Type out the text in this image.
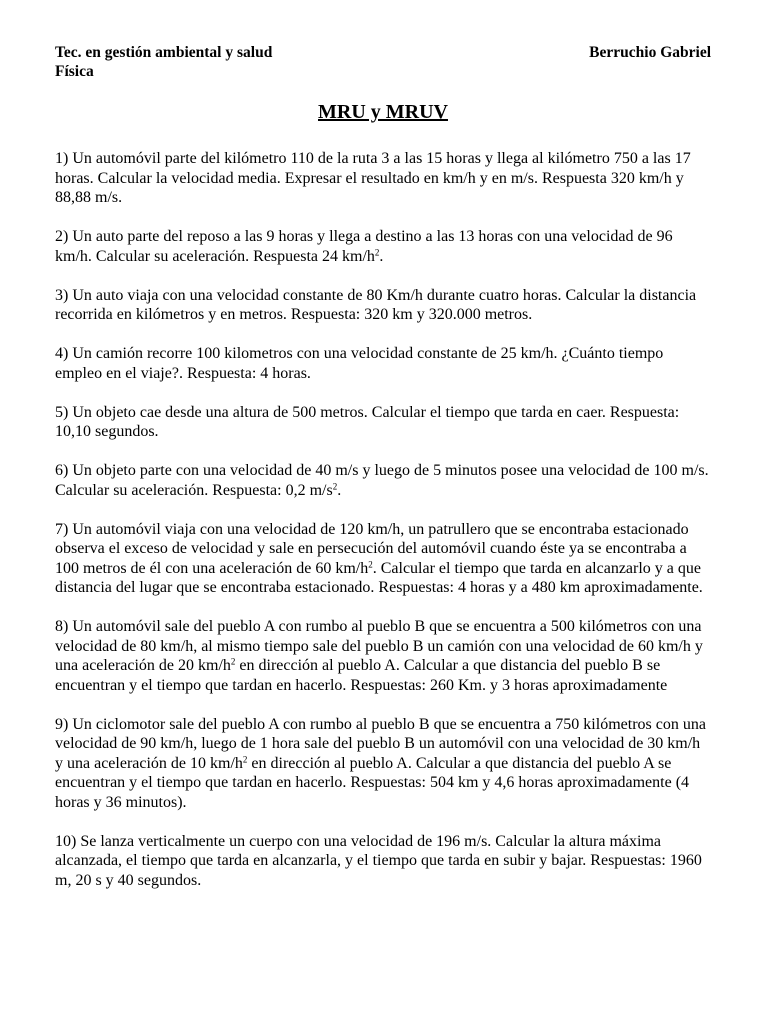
Tec. en gestión ambiental y salud	Berruchio Gabriel
Física
MRU y MRUV

1) Un automóvil parte del kilómetro 110 de la ruta 3 a las 15 horas y llega al kilómetro 750 a las 17 horas. Calcular la velocidad media. Expresar el resultado en km/h y en m/s. Respuesta 320 km/h y 88,88 m/s.

2) Un auto parte del reposo a las 9 horas y llega a destino a las 13 horas con una velocidad de 96 km/h. Calcular su aceleración. Respuesta 24 $km/h^2$.

3) Un auto viaja con una velocidad constante de 80 Km/h durante cuatro horas. Calcular la distancia recorrida en kilómetros y en metros. Respuesta: 320 km y 320.000 metros.

4) Un camión recorre 100 kilometros con una velocidad constante de 25 km/h. ¿Cuánto tiempo empleo en el viaje?. Respuesta: 4 horas.

5) Un objeto cae desde una altura de 500 metros. Calcular el tiempo que tarda en caer. Respuesta: 10,10 segundos.

6) Un objeto parte con una velocidad de 40 m/s y luego de 5 minutos posee una velocidad de 100 m/s. Calcular su aceleración. Respuesta: 0,2 $m/s^2$.

7) Un automóvil viaja con una velocidad de 120 km/h, un patrullero que se encontraba estacionado observa el exceso de velocidad y sale en persecución del automóvil cuando éste ya se encontraba a 100 metros de él con una aceleración de 60 $km/h^2$. Calcular el tiempo que tarda en alcanzarlo y a que distancia del lugar que se encontraba estacionado. Respuestas: 4 horas y a 480 km aproximadamente.

8) Un automóvil sale del pueblo A con rumbo al pueblo B que se encuentra a 500 kilómetros con una velocidad de 80 km/h, al mismo tiempo sale del pueblo B un camión con una velocidad de 60 km/h y una aceleración de 20 $km/h^2$ en dirección al pueblo A. Calcular a que distancia del pueblo B se encuentran y el tiempo que tardan en hacerlo. Respuestas: 260 Km. y 3 horas aproximadamente

9) Un ciclomotor sale del pueblo A con rumbo al pueblo B que se encuentra a 750 kilómetros con una velocidad de 90 km/h, luego de 1 hora sale del pueblo B un automóvil con una velocidad de 30 km/h y una aceleración de 10 $km/h^2$ en dirección al pueblo A. Calcular a que distancia del pueblo A se encuentran y el tiempo que tardan en hacerlo. Respuestas: 504 km y 4,6 horas aproximadamente (4 horas y 36 minutos).

10) Se lanza verticalmente un cuerpo con una velocidad de 196 m/s. Calcular la altura máxima alcanzada, el tiempo que tarda en alcanzarla, y el tiempo que tarda en subir y bajar. Respuestas: 1960 m, 20 s y 40 segundos.
